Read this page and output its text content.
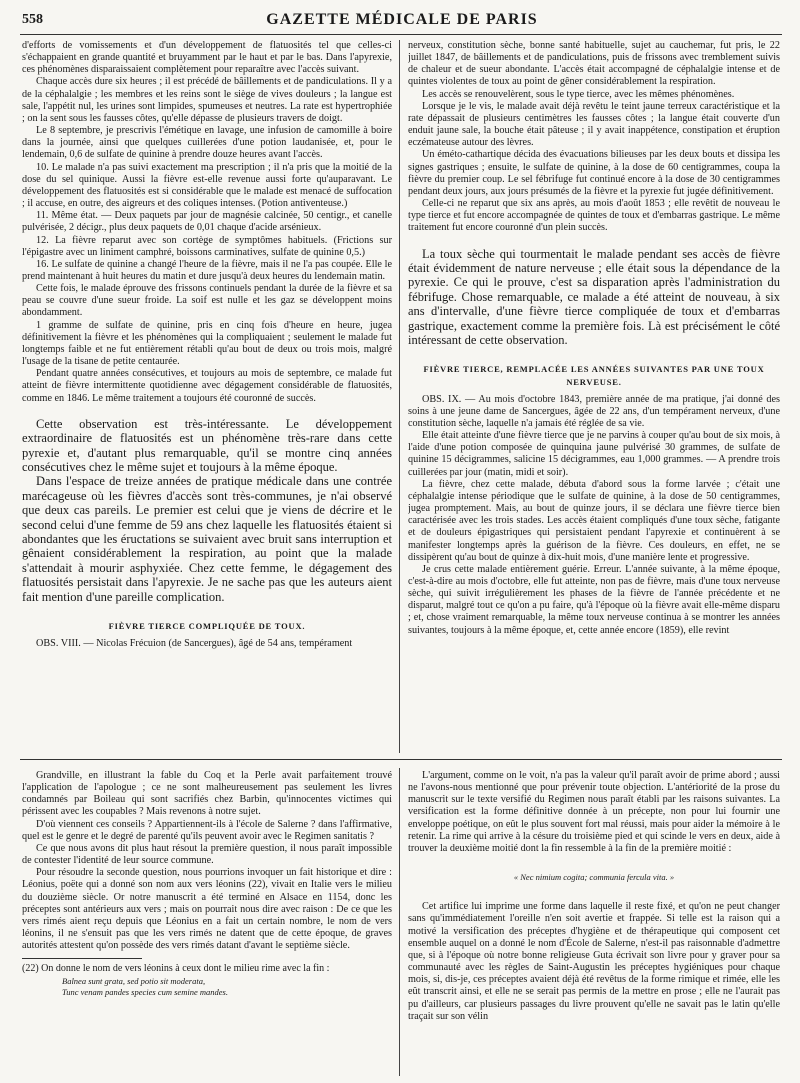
558	GAZETTE MÉDICALE DE PARIS

d'efforts de vomissements et d'un développement de flatuosités tel que celles-ci s'échappaient en grande quantité et bruyamment par le haut et par le bas. Dans l'apyrexie, ces phénomènes disparaissaient complètement pour reparaître avec l'accès suivant.

Chaque accès dure six heures ; il est précédé de bâillements et de pandiculations. Il y a de la céphalalgie ; les membres et les reins sont le siège de vives douleurs ; la langue est sale, l'appétit nul, les urines sont limpides, spumeuses et neutres. La rate est hypertrophiée ; on la sent sous les fausses côtes, qu'elle dépasse de plusieurs travers de doigt.

Le 8 septembre, je prescrivis l'émétique en lavage, une infusion de camomille à boire dans la journée, ainsi que quelques cuillerées d'une potion laudanisée, et, pour le lendemain, 0,6 de sulfate de quinine à prendre douze heures avant l'accès.

10. Le malade n'a pas suivi exactement ma prescription ; il n'a pris que la moitié de la dose du sel quinique. Aussi la fièvre est-elle revenue aussi forte qu'auparavant. Le développement des flatuosités est si considérable que le malade est menacé de suffocation ; il accuse, en outre, des aigreurs et des coliques intenses. (Potion antiventeuse.)

11. Même état. — Deux paquets par jour de magnésie calcinée, 50 centigr., et canelle pulvérisée, 2 décigr., plus deux paquets de 0,01 chaque d'acide arsénieux.

12. La fièvre reparut avec son cortège de symptômes habituels. (Frictions sur l'épigastre avec un liniment camphré, boissons carminatives, sulfate de quinine 0,5.)

16. Le sulfate de quinine a changé l'heure de la fièvre, mais il ne l'a pas coupée. Elle le prend maintenant à huit heures du matin et dure jusqu'à deux heures du lendemain matin.

Cette fois, le malade éprouve des frissons continuels pendant la durée de la fièvre et sa peau se couvre d'une sueur froide. La soif est nulle et les gaz se développent moins abondamment.

1 gramme de sulfate de quinine, pris en cinq fois d'heure en heure, jugea définitivement la fièvre et les phénomènes qui la compliquaient ; seulement le malade fut longtemps faible et ne fut entièrement rétabli qu'au bout de deux ou trois mois, malgré l'usage de la tisane de petite centaurée.

Pendant quatre années consécutives, et toujours au mois de septembre, ce malade fut atteint de fièvre intermittente quotidienne avec dégagement considérable de flatuosités, comme en 1846. Le même traitement a toujours été couronné de succès.

Cette observation est très-intéressante. Le développement extraordinaire de flatuosités est un phénomène très-rare dans cette pyrexie et, d'autant plus remarquable, qu'il se montre cinq années consécutives chez le même sujet et toujours à la même époque.

Dans l'espace de treize années de pratique médicale dans une contrée marécageuse où les fièvres d'accès sont très-communes, je n'ai observé que deux cas pareils. Le premier est celui que je viens de décrire et le second celui d'une femme de 59 ans chez laquelle les flatuosités étaient si abondantes que les éructations se suivaient avec bruit sans interruption et gênaient considérablement la respiration, au point que la malade s'attendait à mourir asphyxiée. Chez cette femme, le dégagement des flatuosités persistait dans l'apyrexie. Je ne sache pas que les auteurs aient fait mention d'une pareille complication.

FIÈVRE TIERCE COMPLIQUÉE DE TOUX.

OBS. VIII. — Nicolas Frécuion (de Sancergues), âgé de 54 ans, tempérament

nerveux, constitution sèche, bonne santé habituelle, sujet au cauchemar, fut pris, le 22 juillet 1847, de bâillements et de pandiculations, puis de frissons avec tremblement suivis de chaleur et de sueur abondante. L'accès était accompagné de céphalalgie intense et de quintes violentes de toux au point de gêner considérablement la respiration.

Les accès se renouvelèrent, sous le type tierce, avec les mêmes phénomènes.

Lorsque je le vis, le malade avait déjà revêtu le teint jaune terreux caractéristique et la rate dépassait de plusieurs centimètres les fausses côtes ; la langue était couverte d'un enduit jaune sale, la bouche était pâteuse ; il y avait inappétence, constipation et éruption eczémateuse autour des lèvres.

Un éméto-cathartique décida des évacuations bilieuses par les deux bouts et dissipa les signes gastriques ; ensuite, le sulfate de quinine, à la dose de 60 centigrammes, coupa la fièvre du premier coup. Le sel fébrifuge fut continué encore à la dose de 30 centigrammes pendant deux jours, aux jours présumés de la fièvre et la pyrexie fut jugée définitivement.

Celle-ci ne reparut que six ans après, au mois d'août 1853 ; elle revêtit de nouveau le type tierce et fut encore accompagnée de quintes de toux et d'embarras gastrique. Le même traitement fut encore couronné d'un plein succès.

La toux sèche qui tourmentait le malade pendant ses accès de fièvre était évidemment de nature nerveuse ; elle était sous la dépendance de la pyrexie. Ce qui le prouve, c'est sa disparation après l'administration du fébrifuge. Chose remarquable, ce malade a été atteint de nouveau, à six ans d'intervalle, d'une fièvre tierce compliquée de toux et d'embarras gastrique, exactement comme la première fois. Là est précisément le côté intéressant de cette observation.

FIÈVRE TIERCE, REMPLACÉE LES ANNÉES SUIVANTES PAR UNE TOUX NERVEUSE.

OBS. IX. — Au mois d'octobre 1843, première année de ma pratique, j'ai donné des soins à une jeune dame de Sancergues, âgée de 22 ans, d'un tempérament nerveux, d'une constitution sèche, laquelle n'a jamais été réglée de sa vie.

Elle était atteinte d'une fièvre tierce que je ne parvins à couper qu'au bout de six mois, à l'aide d'une potion composée de quinquina jaune pulvérisé 30 grammes, de sulfate de quinine 15 décigrammes, salicine 15 décigrammes, eau 1,000 grammes. — A prendre trois cuillerées par jour (matin, midi et soir).

La fièvre, chez cette malade, débuta d'abord sous la forme larvée ; c'était une céphalalgie intense périodique que le sulfate de quinine, à la dose de 50 centigrammes, jugea promptement. Mais, au bout de quinze jours, il se déclara une fièvre tierce bien caractérisée avec les trois stades. Les accès étaient compliqués d'une toux sèche, fatigante et de douleurs épigastriques qui persistaient pendant l'apyrexie et continuèrent à se manifester longtemps après la guérison de la fièvre. Ces douleurs, en effet, ne se dissipèrent qu'au bout de quinze à dix-huit mois, d'une manière lente et progressive.

Je crus cette malade entièrement guérie. Erreur. L'année suivante, à la même époque, c'est-à-dire au mois d'octobre, elle fut atteinte, non pas de fièvre, mais d'une toux nerveuse sèche, qui suivit irrégulièrement les phases de la fièvre de l'année précédente et ne disparut, malgré tout ce qu'on a pu faire, qu'à l'époque où la fièvre avait elle-même disparu ; et, chose vraiment remarquable, la même toux nerveuse continua à se montrer les années suivantes, toujours à la même époque, et, cette année encore (1859), elle revint

Grandville, en illustrant la fable du Coq et la Perle avait parfaitement trouvé l'application de l'apologue ; ce ne sont malheureusement pas seulement les livres condamnés par Boileau qui sont sacrifiés chez Barbin, qu'innocentes victimes qui périssent avec les coupables ? Mais revenons à notre sujet.

D'où viennent ces conseils ? Appartiennent-ils à l'école de Salerne ? dans l'affirmative, quel est le genre et le degré de parenté qu'ils peuvent avoir avec le Regimen sanitatis ?

Ce que nous avons dit plus haut résout la première question, il nous paraît impossible de contester l'identité de leur source commune.

Pour résoudre la seconde question, nous pourrions invoquer un fait historique et dire : Léonius, poëte qui a donné son nom aux vers léonins (22), vivait en Italie vers le milieu du douzième siècle. Or notre manuscrit a été terminé en Alsace en 1154, donc les préceptes sont antérieurs aux vers ; mais on pourrait nous dire avec raison : De ce que les vers rimés aient reçu depuis que Léonius en a fait un certain nombre, le nom de vers léonins, il ne s'ensuit pas que les vers rimés ne datent que de cette époque, de graves autorités attestent qu'on possède des vers rimés datant d'avant le septième siècle.

(22) On donne le nom de vers léonins à ceux dont le milieu rime avec la fin :

Balnea sunt grata, sed potio sit moderata,

Tunc venam pandes species cum semine mandes.

L'argument, comme on le voit, n'a pas la valeur qu'il paraît avoir de prime abord ; aussi ne l'avons-nous mentionné que pour prévenir toute objection. L'antériorité de la prose du manuscrit sur le texte versifié du Regimen nous paraît établi par les raisons suivantes. La versification est la forme définitive donnée à un précepte, non pour lui fournir une enveloppe poétique, on eût le plus souvent fort mal réussi, mais pour aider la mémoire à le retenir. La rime qui arrive à la césure du troisième pied et qui scinde le vers en deux, aide à trouver la deuxième moitié dont la fin ressemble à la fin de la première moitié :

« Nec nimium cogita; communia fercula vita. »

Cet artifice lui imprime une forme dans laquelle il reste fixé, et qu'on ne peut changer sans qu'immédiatement l'oreille n'en soit avertie et frappée. Si telle est la raison qui a motivé la versification des préceptes d'hygiène et de thérapeutique qui composent cet ensemble auquel on a donné le nom d'École de Salerne, n'est-il pas raisonnable d'admettre que, si à l'époque où notre bonne religieuse Guta écrivait son livre pour y graver pour sa communauté avec les règles de Saint-Augustin les préceptes hygiéniques pour chaque mois, si, dis-je, ces préceptes avaient déjà été revêtus de la forme rimique et rimée, elle les eût transcrit ainsi, et elle ne se serait pas permis de la mettre en prose ; elle ne l'aurait pas pu d'ailleurs, car plusieurs passages du livre prouvent qu'elle ne savait pas le latin qu'elle traçait sur son vélin
